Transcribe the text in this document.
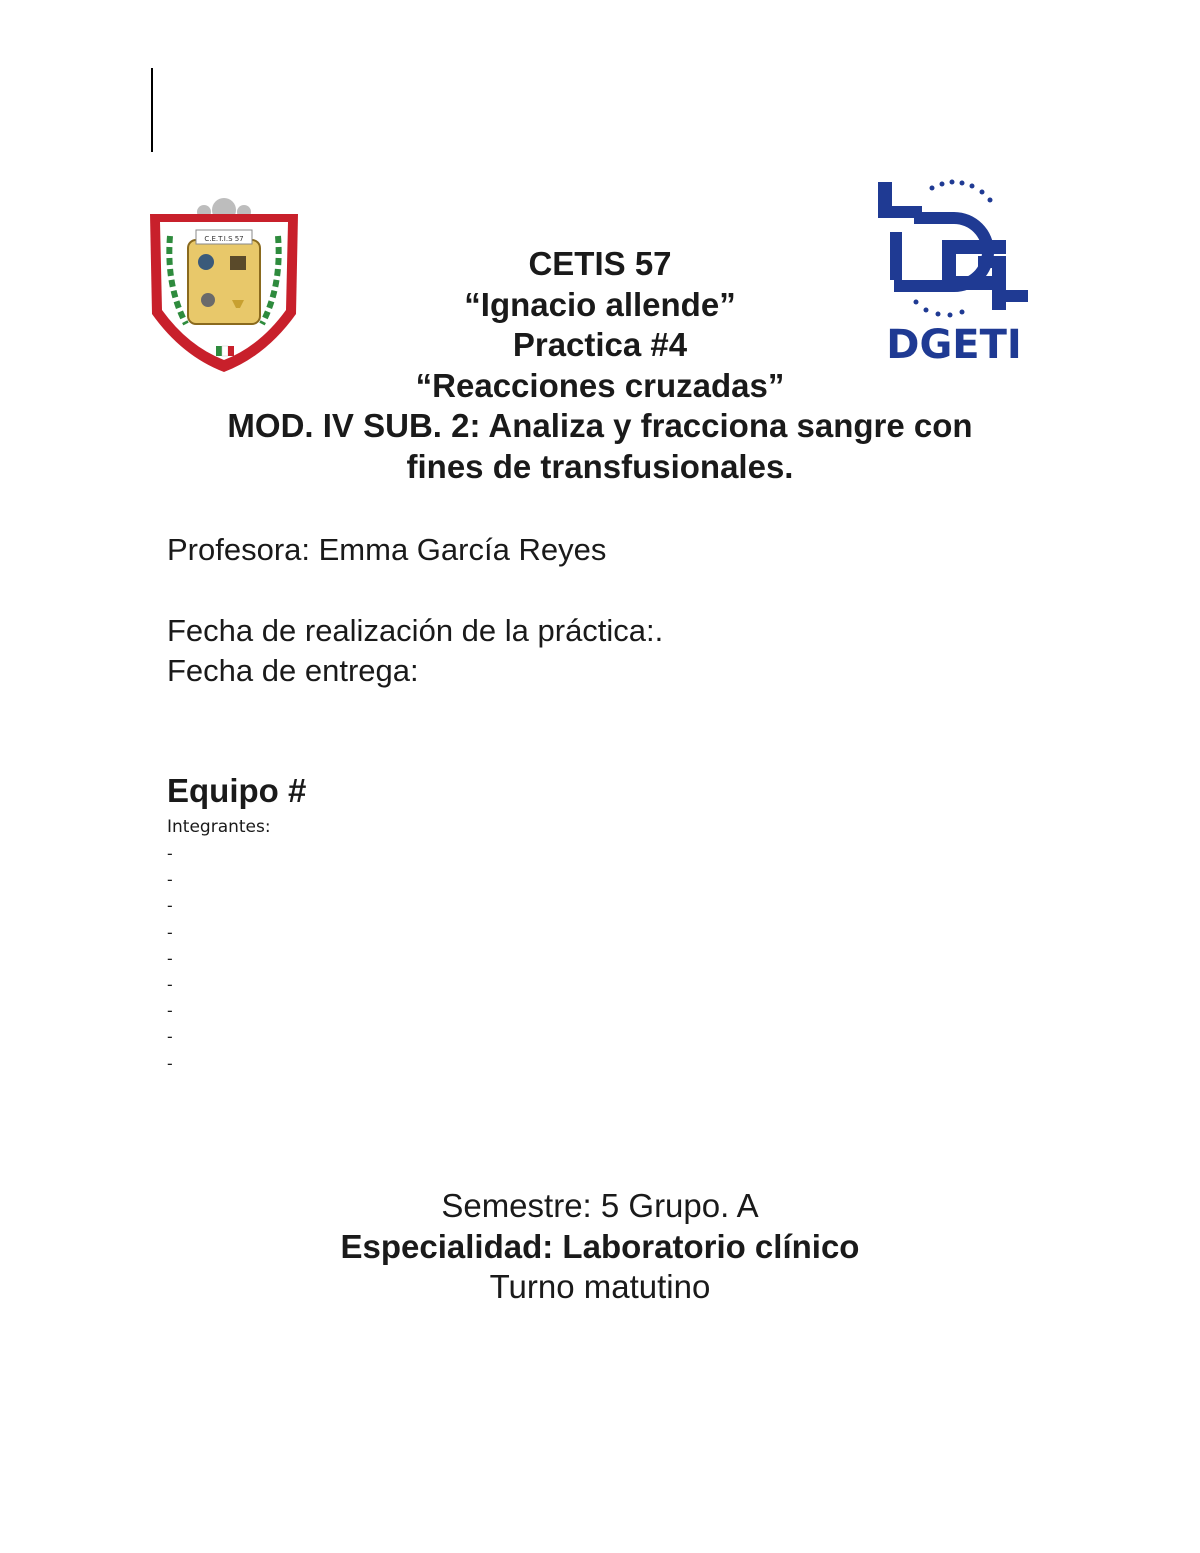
C.E.T.I.S 57
DGETI
CETIS 57
“Ignacio allende”
Practica #4
“Reacciones cruzadas”
MOD. IV SUB. 2: Analiza y fracciona sangre con
fines de transfusionales.
Profesora: Emma García Reyes
Fecha de realización de la práctica:.
Fecha de entrega:
Equipo #
Integrantes:
-
-
-
-
-
-
-
-
-
Semestre: 5 Grupo. A
Especialidad: Laboratorio clínico
Turno matutino
